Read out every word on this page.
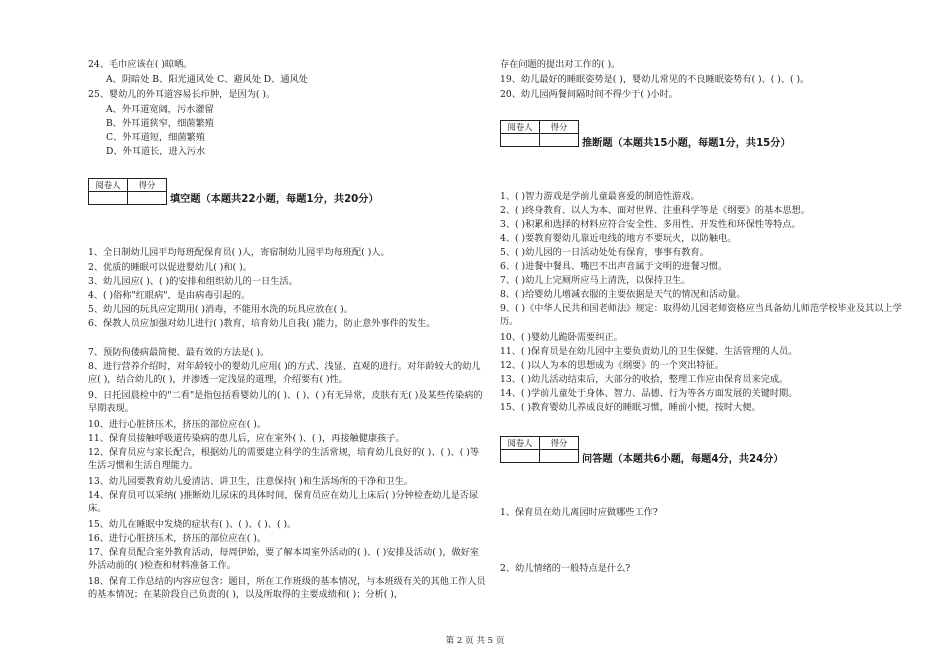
24、毛巾应该在( )晾晒。
A、阴暗处 B、阳光通风处 C、避风处 D、通风处
25、婴幼儿的外耳道容易长疖肿，是因为( )。
A、外耳道宽阔，污水灌留
B、外耳道狭窄，细菌繁殖
C、外耳道短，细菌繁殖
D、外耳道长，进入污水
阅卷人	得分

填空题（本题共22小题，每题1分，共20分）
1、全日制幼儿园平均每班配保育员( )人，寄宿制幼儿园平均每班配( )人。
2、优质的睡眠可以促进婴幼儿( )和( )。
3、幼儿园应( )、( )的安排和组织幼儿的一日生活。
4、( )俗称"红眼病"，是由病毒引起的。
5、幼儿园的玩具应定期用( )消毒，不能用水洗的玩具应放在( )。
6、保教人员应加强对幼儿进行( )教育，培育幼儿自我( )能力，防止意外事件的发生。
7、预防佝偻病最简便、最有效的方法是( )。
8、进行营养介绍时，对年龄较小的婴幼儿应用( )的方式、浅显、直观的进行。对年龄较大的幼儿应( )，结合幼儿的( )，并渗透一定浅显的道理，介绍要有( )性。
9、日托园晨检中的"二看"是指包括看婴幼儿的( )、( )、( )有无异常，皮肤有无( )及某些传染病的早期表现。
10、进行心脏挤压术，挤压的部位应在( )。
11、保育员接触呼吸道传染病的患儿后，应在室外( )、( )，再接触健康孩子。
12、保育员应与家长配合，根据幼儿的需要建立科学的生活常规，培育幼儿良好的( )、( )、( )等生活习惯和生活自理能力。
13、幼儿园要教育幼儿爱清洁、讲卫生，注意保持( )和生活场所的干净和卫生。
14、保育员可以采纳( )推断幼儿尿床的具体时间，保育员应在幼儿上床后( )分钟检查幼儿是否尿床。
15、幼儿在睡眠中发烧的症状有( )、( )、( )、( )。
16、进行心脏挤压术，挤压的部位应在( )。
17、保育员配合室外教育活动，每周伊始，要了解本周室外活动的( )、( )安排及活动( )，做好室外活动前的( )检查和材料准备工作。
18、保育工作总结的内容应包含：题目，所在工作班级的基本情况，与本班级有关的其他工作人员的基本情况；在某阶段自己负责的( )，以及所取得的主要成绩和( )；分析( )，
存在问题的提出对工作的( )。
19、幼儿最好的睡眠姿势是( )，婴幼儿常见的不良睡眠姿势有( )、( )、( )。
20、幼儿园两餐间隔时间不得少于( )小时。
阅卷人	得分

推断题（本题共15小题，每题1分，共15分）
1、( )智力游戏是学前儿童最喜爱的制造性游戏。
2、( )终身教育、以人为本、面对世界、注重科学等是《纲要》的基本思想。
3、( )积累和选择的材料应符合安全性、多用性、开发性和环保性等特点。
4、( )要教育婴幼儿靠近电线的地方不要玩火，以防触电。
5、( )幼儿园的一日活动处处有保育，事事有教育。
6、( )进餐中餐具、嘴巴不出声音属于文明的进餐习惯。
7、( )幼儿上完厕所应马上清洗，以保持卫生。
8、( )给婴幼儿增减衣服的主要依据是天气的情况和活动量。
9、( )《中华人民共和国老师法》规定：取得幼儿园老师资格应当具备幼儿师范学校毕业及其以上学历。
10、( )婴幼儿跪卧需要纠正。
11、( )保育员是在幼儿园中主要负责幼儿的卫生保健、生活管理的人员。
12、( )以人为本的思想成为《纲要》的一个突出特征。
13、( )幼儿活动结束后，大部分的收拾，整理工作应由保育员来完成。
14、( )学前儿童处于身体、智力、品德、行为等各方面发展的关键时期。
15、( )教育婴幼儿养成良好的睡眠习惯，睡前小便，按时大便。
阅卷人	得分

问答题（本题共6小题，每题4分，共24分）
1、保育员在幼儿离园时应做哪些工作?
2、幼儿情绪的一般特点是什么?
第 2 页 共 5 页
